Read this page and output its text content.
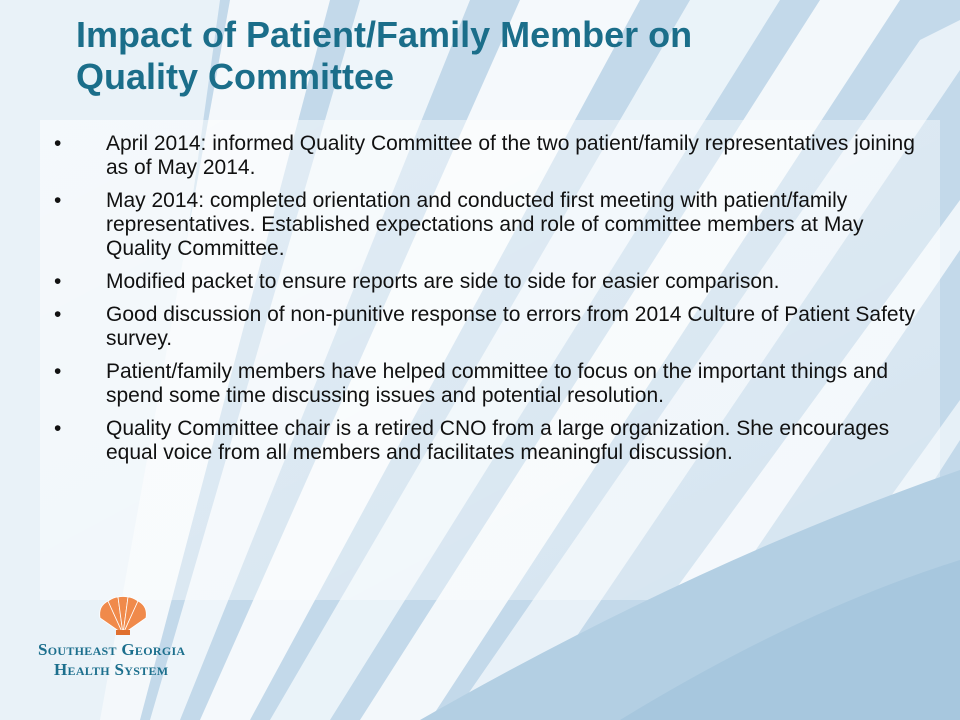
Impact of Patient/Family Member on
Quality Committee
•	April 2014: informed Quality Committee of the two patient/family representatives joining as of May 2014.
•	May 2014: completed orientation and conducted first meeting with patient/family representatives. Established expectations and role of committee members at May Quality Committee.
•	Modified packet to ensure reports are side to side for easier comparison.
•	Good discussion of non-punitive response to errors from 2014 Culture of Patient Safety survey.
•	Patient/family members have helped committee to focus on the important things and spend some time discussing issues and potential resolution.
•	Quality Committee chair is a retired CNO from a large organization. She encourages equal voice from all members and facilitates meaningful discussion.
Southeast Georgia
Health System
